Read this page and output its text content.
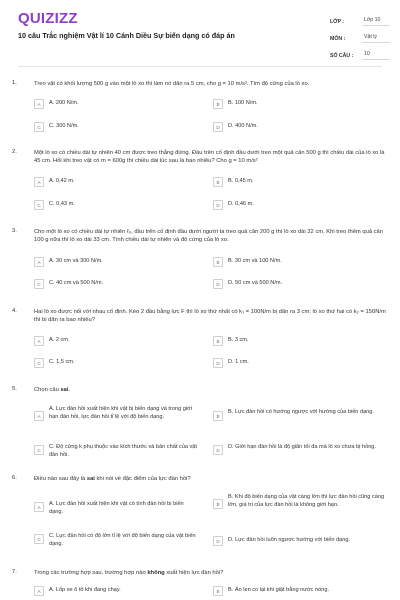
QUIZIZZ
10 câu Trắc nghiệm Vật lí 10 Cánh Diều Sự biến dạng có đáp án
LỚP :	Lớp 10
MÔN :	Vật lý
SỐ CÂU :	10
1.	Treo vật có khối lượng 500 g vào một lò xo thì làm nó dãn ra 5 cm, cho g = 10 m/s². Tìm độ cứng của lò xo.
A	A. 200 N/m.	B	B. 100 N/m.
C	C. 300 N/m.	D	D. 400 N/m.
2.	Một lò xo có chiều dài tự nhiên 40 cm được treo thẳng đứng. Đầu trên cố định đầu dưới treo một quả cân 500 g thì chiều dài của lò xo là 45 cm. Hỏi khi treo vật có m = 600g thì chiều dài lúc sau là bao nhiêu? Cho g = 10 m/s²
A	A. 0,42 m.	B	B. 0,45 m.
C	C. 0,43 m.	D	D. 0,46 m.
3.	Cho một lò xo có chiều dài tự nhiên ℓ₀, đầu trên cố định đầu dưới người ta treo quả cân 200 g thì lò xo dài 32 cm. Khi treo thêm quả cân 100 g nữa thì lò xo dài 33 cm. Tính chiều dài tự nhiên và độ cứng của lò xo.
A	A. 30 cm và 300 N/m.	B	B. 30 cm và 100 N/m.
C	C. 40 cm và 500 N/m.	D	D. 50 cm và 500 N/m.
4.	Hai lò xo được nối với nhau cố định. Kéo 2 đầu bằng lực F thì lò xo thứ nhất có k₁ = 100N/m bị dãn ra 3 cm; lò xo thứ hai có k₂ = 150N/m thì bị dãn ra bao nhiêu?
A	A. 2 cm.	B	B. 3 cm.
C	C. 1,5 cm.	D	D. 1 cm.
5.	Chọn câu sai.
A
A. Lực đàn hồi xuất hiện khi vật bị biến dạng và trong giới hạn đàn hồi, lực đàn hồi tỉ lệ với độ biến dạng.	B
B. Lực đàn hồi có hướng ngược với hướng của biến dạng.
C	C. Độ cứng k phụ thuộc vào kích thước và bản chất của vật đàn hồi.
D	D. Giới hạn đàn hồi là độ giãn tối đa mà lò xo chưa bị hỏng.
6.	Điều nào sau đây là sai khi nói về đặc điểm của lực đàn hồi?
A	A. Lực đàn hồi xuất hiện khi vật có tính đàn hồi bị biến dạng.
B
B. Khi độ biến dạng của vật càng lớn thì lực đàn hồi cũng càng lớn, giá trị của lực đàn hồi là không giới hạn.
C	C. Lực đàn hồi có độ lớn tỉ lệ với độ biến dạng của vật biến dạng.	D	D. Lực đàn hồi luôn ngược hướng với biến dạng.
7.	Trong các trường hợp sau, trường hợp nào không xuất hiện lực đàn hồi?
A	A. Lốp xe ô tô khi đang chạy.	B	B. Áo len co lại khi giặt bằng nước nóng.
